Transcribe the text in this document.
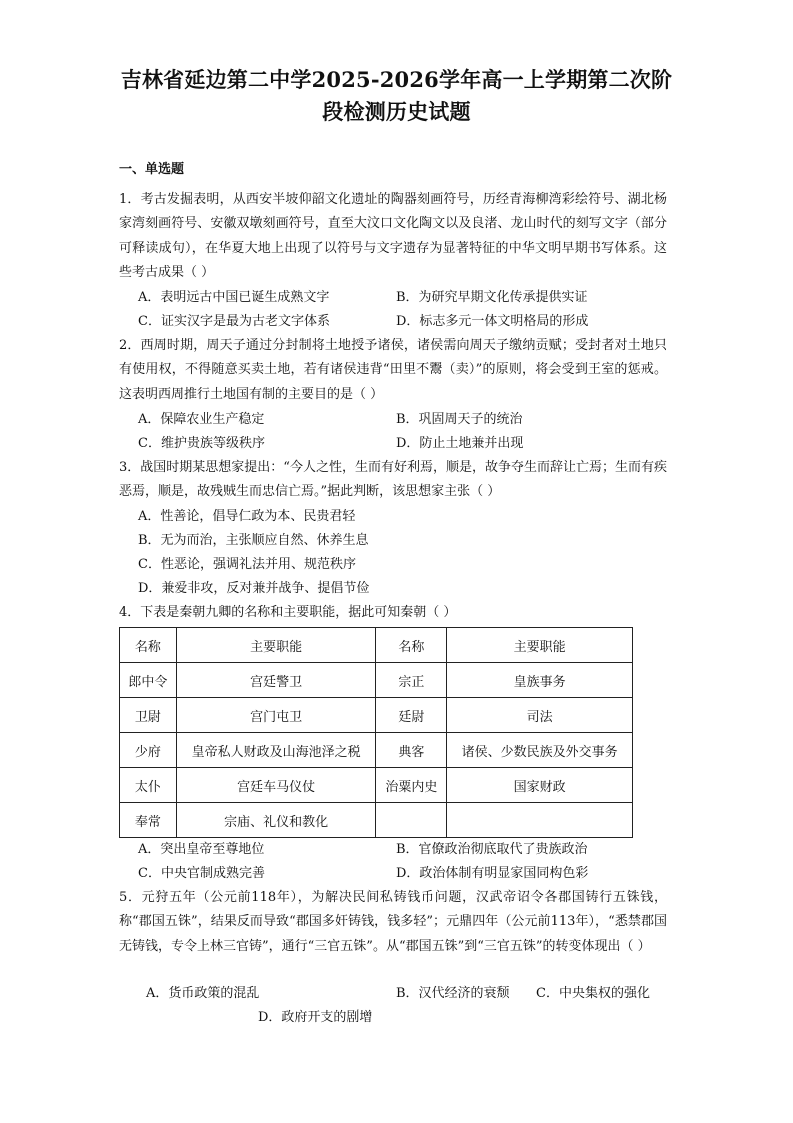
吉林省延边第二中学2025-2026学年高一上学期第二次阶
段检测历史试题
一、单选题
1．考古发掘表明，从西安半坡仰韶文化遗址的陶器刻画符号，历经青海柳湾彩绘符号、湖北杨家湾刻画符号、安徽双墩刻画符号，直至大汶口文化陶文以及良渚、龙山时代的刻写文字（部分可释读成句），在华夏大地上出现了以符号与文字遗存为显著特征的中华文明早期书写体系。这些考古成果（ ）
A．表明远古中国已诞生成熟文字	B．为研究早期文化传承提供实证
C．证实汉字是最为古老文字体系	D．标志多元一体文明格局的形成
2．西周时期，周天子通过分封制将土地授予诸侯，诸侯需向周天子缴纳贡赋；受封者对土地只有使用权，不得随意买卖土地，若有诸侯违背“田里不鬻（卖）”的原则，将会受到王室的惩戒。这表明西周推行土地国有制的主要目的是（ ）
A．保障农业生产稳定	B．巩固周天子的统治
C．维护贵族等级秩序	D．防止土地兼并出现
3．战国时期某思想家提出：“今人之性，生而有好利焉，顺是，故争夺生而辞让亡焉；生而有疾恶焉，顺是，故残贼生而忠信亡焉。”据此判断，该思想家主张（ ）
A．性善论，倡导仁政为本、民贵君轻
B．无为而治，主张顺应自然、休养生息
C．性恶论，强调礼法并用、规范秩序
D．兼爱非攻，反对兼并战争、提倡节俭
4．下表是秦朝九卿的名称和主要职能，据此可知秦朝（ ）
名称	主要职能	名称	主要职能
郎中令	宫廷警卫	宗正	皇族事务
卫尉	宫门屯卫	廷尉	司法
少府	皇帝私人财政及山海池泽之税	典客	诸侯、少数民族及外交事务
太仆	宫廷车马仪仗	治粟内史	国家财政
奉常	宗庙、礼仪和教化		
A．突出皇帝至尊地位	B．官僚政治彻底取代了贵族政治
C．中央官制成熟完善	D．政治体制有明显家国同构色彩
5．元狩五年（公元前118年），为解决民间私铸钱币问题，汉武帝诏令各郡国铸行五铢钱，称“郡国五铢”，结果反而导致“郡国多奸铸钱，钱多轻”；元鼎四年（公元前113年），“悉禁郡国无铸钱，专令上林三官铸”，通行“三官五铢”。从“郡国五铢”到“三官五铢”的转变体现出（ ）
A．货币政策的混乱	B．汉代经济的衰颓 C．中央集权的强化
D．政府开支的剧增
